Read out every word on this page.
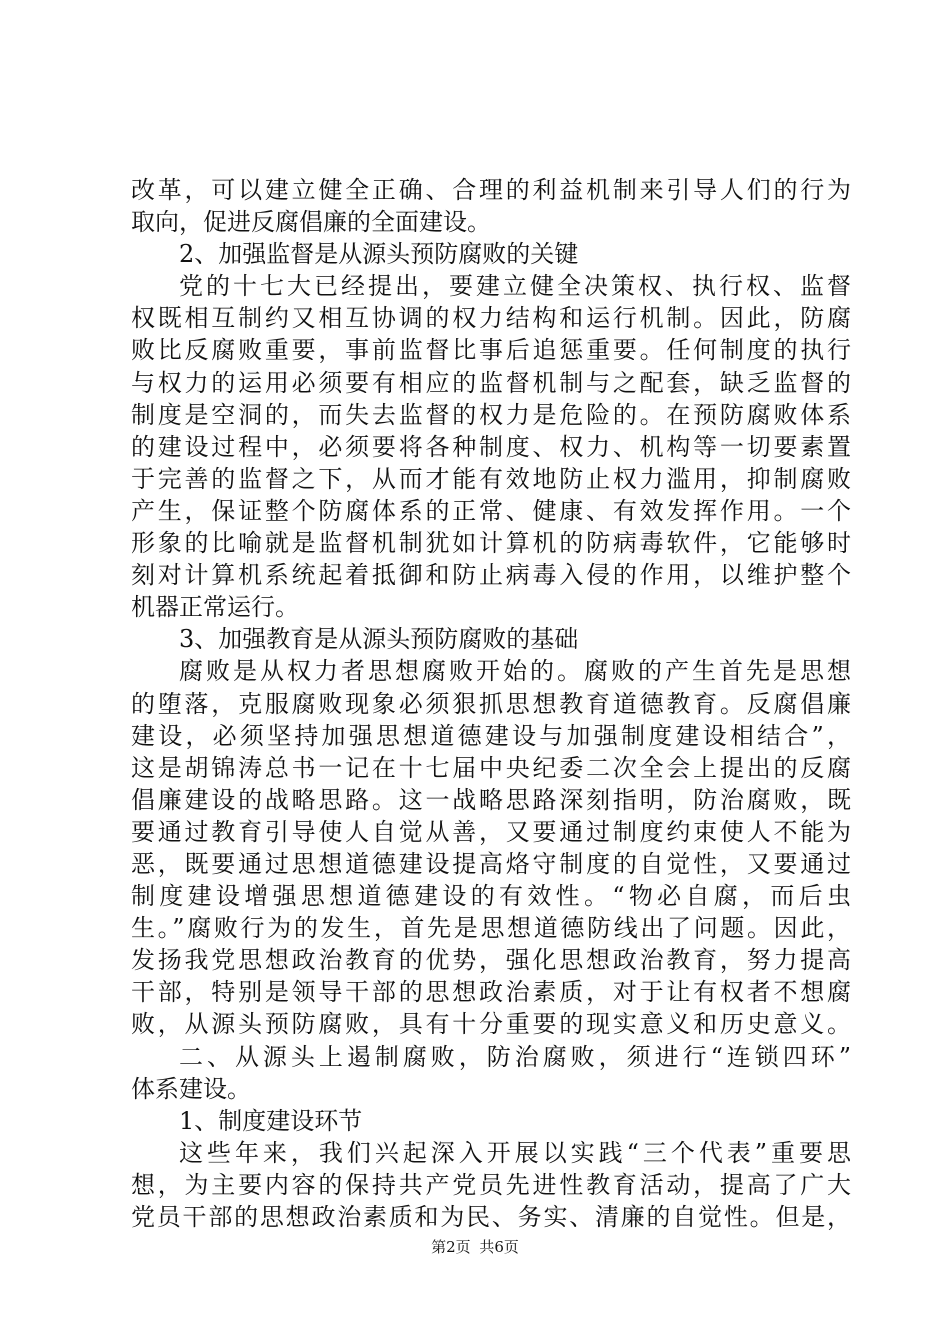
改革，可以建立健全正确、合理的利益机制来引导人们的行为
取向，促进反腐倡廉的全面建设。
2、加强监督是从源头预防腐败的关键
党的十七大已经提出，要建立健全决策权、执行权、监督
权既相互制约又相互协调的权力结构和运行机制。因此，防腐
败比反腐败重要，事前监督比事后追惩重要。任何制度的执行
与权力的运用必须要有相应的监督机制与之配套，缺乏监督的
制度是空洞的，而失去监督的权力是危险的。在预防腐败体系
的建设过程中，必须要将各种制度、权力、机构等一切要素置
于完善的监督之下，从而才能有效地防止权力滥用，抑制腐败
产生，保证整个防腐体系的正常、健康、有效发挥作用。一个
形象的比喻就是监督机制犹如计算机的防病毒软件，它能够时
刻对计算机系统起着抵御和防止病毒入侵的作用，以维护整个
机器正常运行。
3、加强教育是从源头预防腐败的基础
腐败是从权力者思想腐败开始的。腐败的产生首先是思想
的堕落，克服腐败现象必须狠抓思想教育道德教育。反腐倡廉
建设，必须坚持加强思想道德建设与加强制度建设相结合”，
这是胡锦涛总书一记在十七届中央纪委二次全会上提出的反腐
倡廉建设的战略思路。这一战略思路深刻指明，防治腐败，既
要通过教育引导使人自觉从善，又要通过制度约束使人不能为
恶，既要通过思想道德建设提高烙守制度的自觉性，又要通过
制度建设增强思想道德建设的有效性。“物必自腐，而后虫
生。”腐败行为的发生，首先是思想道德防线出了问题。因此，
发扬我党思想政治教育的优势，强化思想政治教育，努力提高
干部，特别是领导干部的思想政治素质，对于让有权者不想腐
败，从源头预防腐败，具有十分重要的现实意义和历史意义。
二、从源头上遏制腐败，防治腐败，须进行“连锁四环”
体系建设。
1、制度建设环节
这些年来，我们兴起深入开展以实践“三个代表”重要思
想，为主要内容的保持共产党员先进性教育活动，提高了广大
党员干部的思想政治素质和为民、务实、清廉的自觉性。但是，
第2页 共6页
